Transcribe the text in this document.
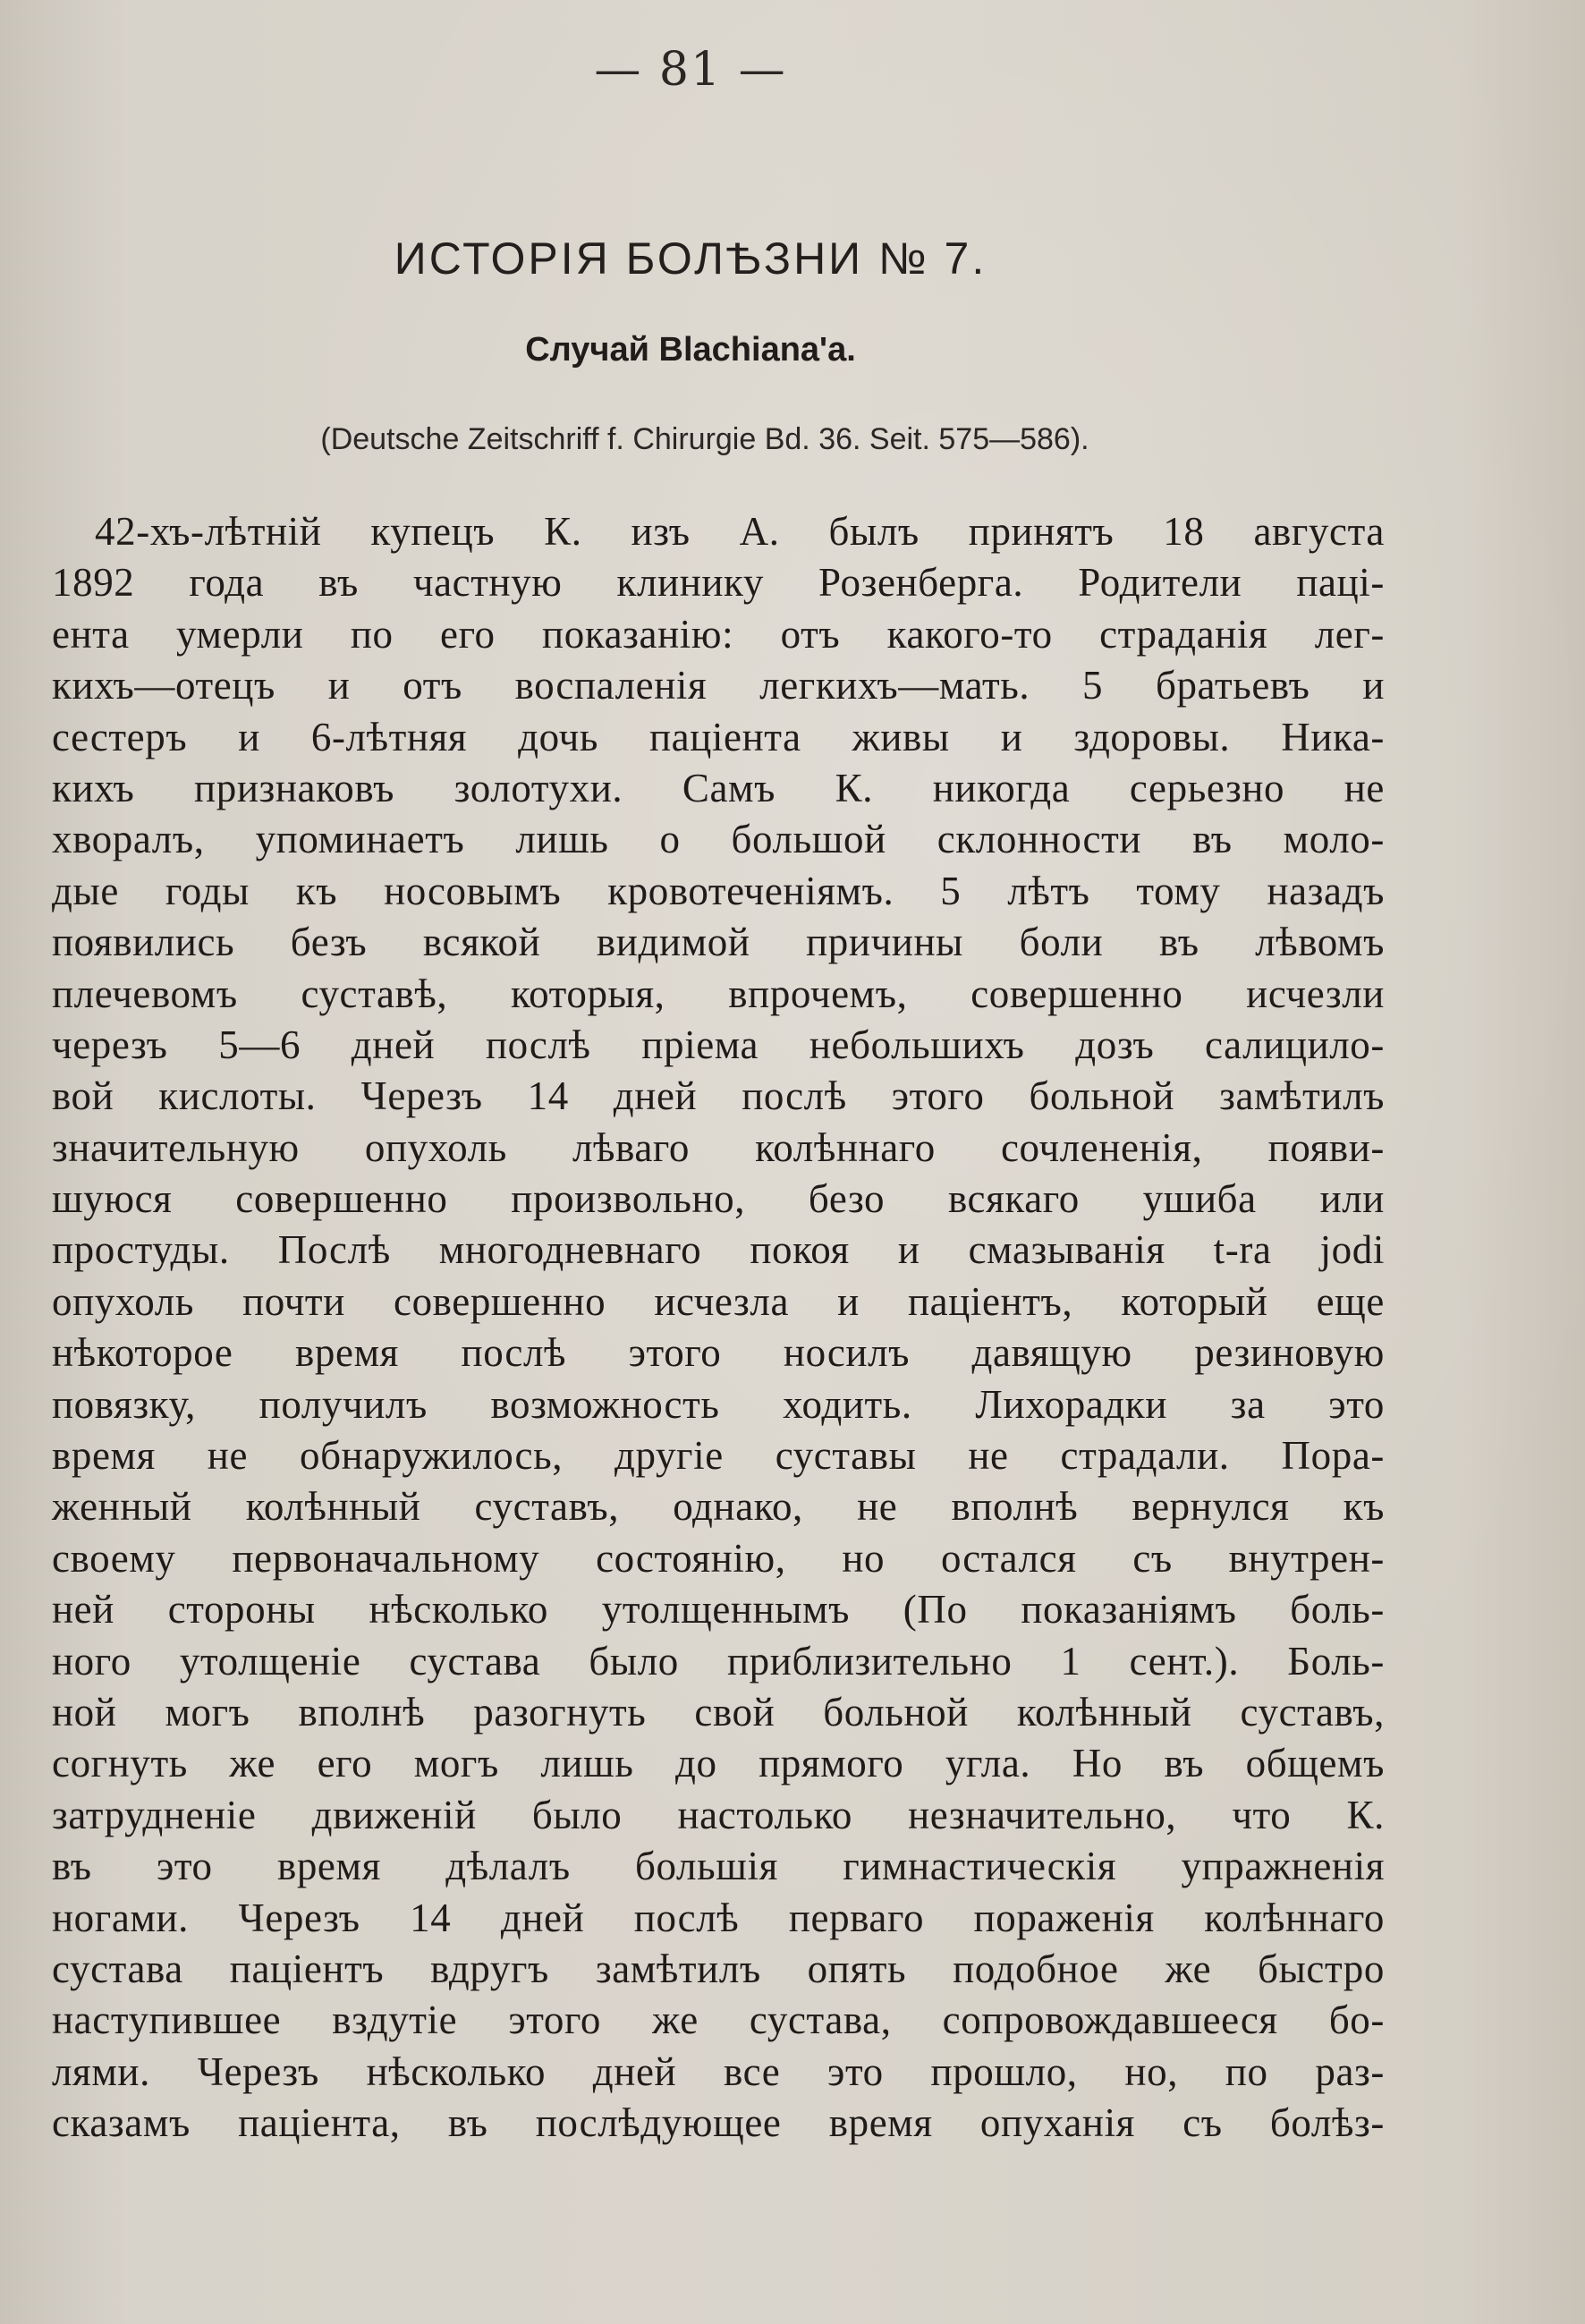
— 81 —
ИСТОРІЯ БОЛѢЗНИ № 7.
Случай Blachiana'a.
(Deutsche Zeitschriff f. Chirurgie Bd. 36. Seit. 575—586).
42-хъ-лѣтній купецъ К. изъ А. былъ принятъ 18 августа
1892 года въ частную клинику Розенберга. Родители паці-
ента умерли по его показанію: отъ какого-то страданія лег-
кихъ—отецъ и отъ воспаленія легкихъ—мать. 5 братьевъ и
сестеръ и 6-лѣтняя дочь паціента живы и здоровы. Ника-
кихъ признаковъ золотухи. Самъ К. никогда серьезно не
хворалъ, упоминаетъ лишь о большой склонности въ моло-
дые годы къ носовымъ кровотеченіямъ. 5 лѣтъ тому назадъ
появились безъ всякой видимой причины боли въ лѣвомъ
плечевомъ суставѣ, которыя, впрочемъ, совершенно исчезли
черезъ 5—6 дней послѣ пріема небольшихъ дозъ салицило-
вой кислоты. Черезъ 14 дней послѣ этого больной замѣтилъ
значительную опухоль лѣваго колѣннаго сочлененія, появи-
шуюся совершенно произвольно, безо всякаго ушиба или
простуды. Послѣ многодневнаго покоя и смазыванія t-ra jodi
опухоль почти совершенно исчезла и паціентъ, который еще
нѣкоторое время послѣ этого носилъ давящую резиновую
повязку, получилъ возможность ходить. Лихорадки за это
время не обнаружилось, другіе суставы не страдали. Пора-
женный колѣнный суставъ, однако, не вполнѣ вернулся къ
своему первоначальному состоянію, но остался съ внутрен-
ней стороны нѣсколько утолщеннымъ (По показаніямъ боль-
ного утолщеніе сустава было приблизительно 1 сент.). Боль-
ной могъ вполнѣ разогнуть свой больной колѣнный суставъ,
согнуть же его могъ лишь до прямого угла. Но въ общемъ
затрудненіе движеній было настолько незначительно, что К.
въ это время дѣлалъ большія гимнастическія упражненія
ногами. Черезъ 14 дней послѣ перваго пораженія колѣннаго
сустава паціентъ вдругъ замѣтилъ опять подобное же быстро
наступившее вздутіе этого же сустава, сопровождавшееся бо-
лями. Черезъ нѣсколько дней все это прошло, но, по раз-
сказамъ паціента, въ послѣдующее время опуханія съ болѣз-
